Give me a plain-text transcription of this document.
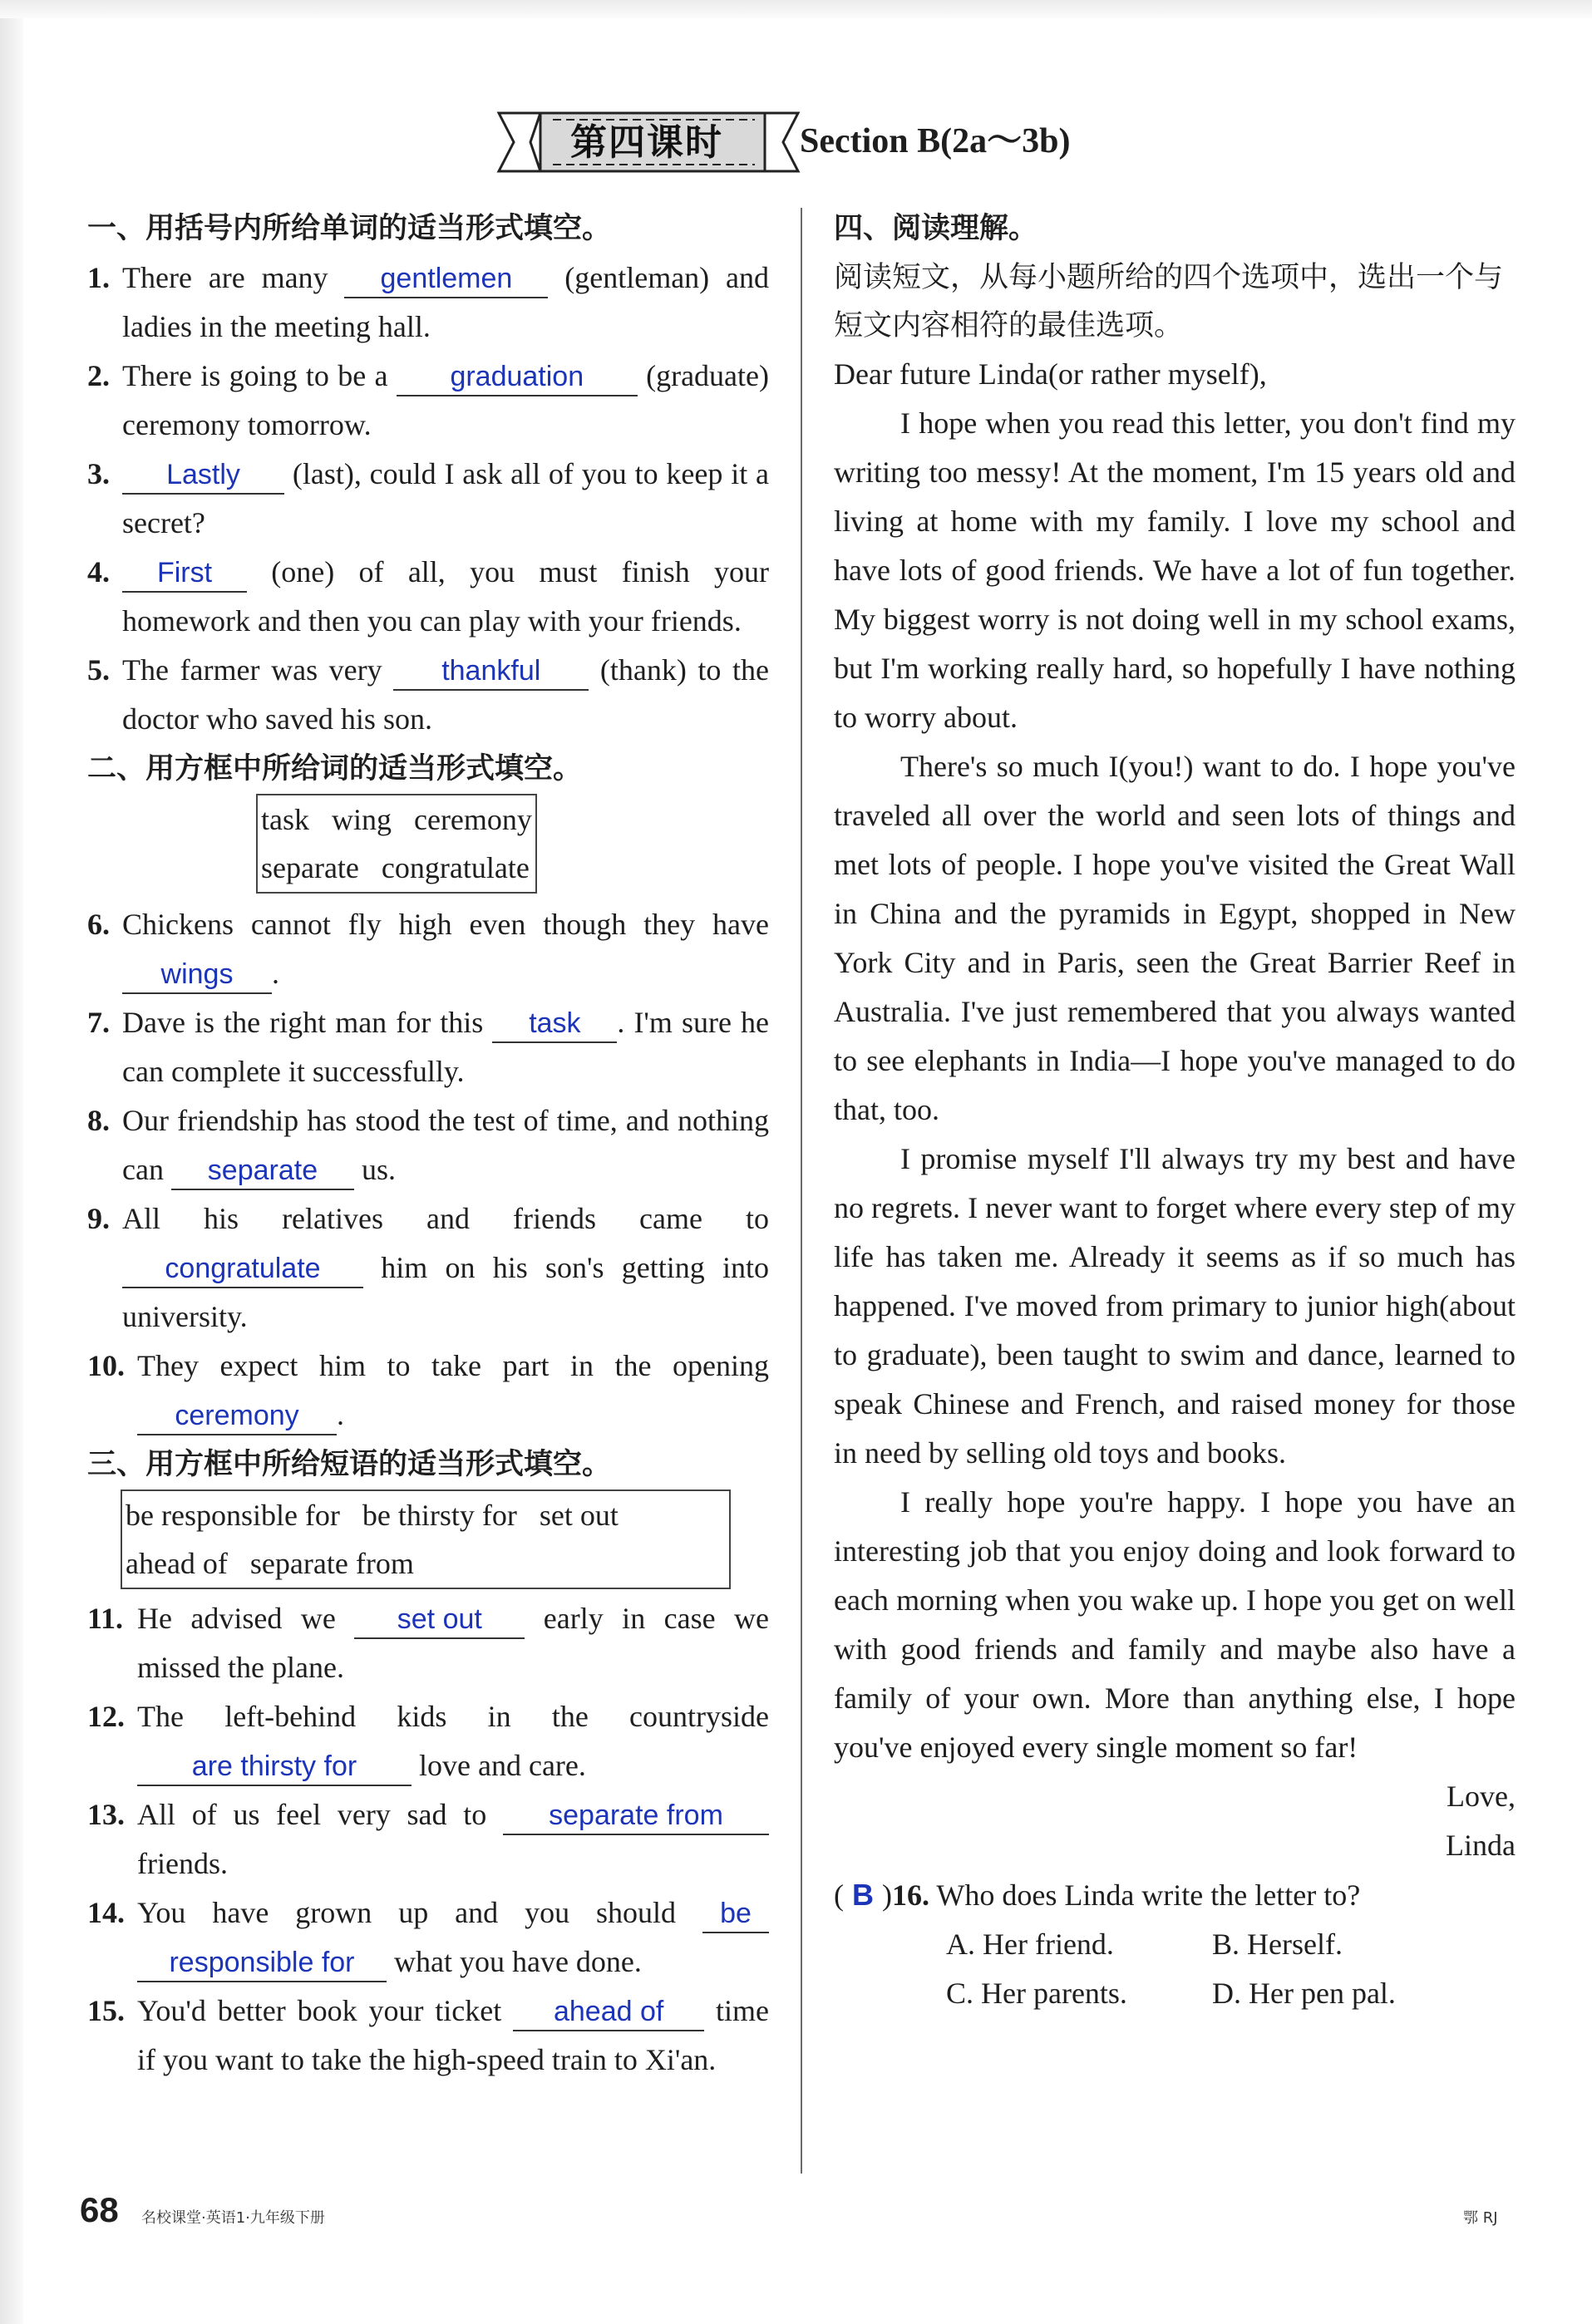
第四课时	Section B(2a～3b)
一、用括号内所给单词的适当形式填空。
1. There are many gentlemen (gentleman) and ladies in the meeting hall.
2. There is going to be a graduation (graduate) ceremony tomorrow.
3.	Lastly (last), could I ask all of you to keep it a secret?
4.	First (one) of all, you must finish your homework and then you can play with your friends.
5. The farmer was very thankful (thank) to the doctor who saved his son.
二、用方框中所给词的适当形式填空。
task   wing   ceremony
separate   congratulate
6. Chickens cannot fly high even though they have wings .
7. Dave is the right man for this task . I'm sure he can complete it successfully.
8. Our friendship has stood the test of time, and nothing can separate us.
9. All his relatives and friends came to congratulate him on his son's getting into university.
10. They expect him to take part in the opening ceremony .
三、用方框中所给短语的适当形式填空。
be responsible for   be thirsty for   set out
ahead of   separate from
11. He advised we set out early in case we missed the plane.
12. The left-behind kids in the countryside are thirsty for love and care.
13. All of us feel very sad to separate from friends.
14. You have grown up and you should be responsible for what you have done.
15. You'd better book your ticket ahead of time if you want to take the high-speed train to Xi'an.
四、阅读理解。
阅读短文，从每小题所给的四个选项中，选出一个与短文内容相符的最佳选项。
Dear future Linda(or rather myself),
I hope when you read this letter, you don't find my writing too messy! At the moment, I'm 15 years old and living at home with my family. I love my school and have lots of good friends. We have a lot of fun together. My biggest worry is not doing well in my school exams, but I'm working really hard, so hopefully I have nothing to worry about.
There's so much I(you!) want to do. I hope you've traveled all over the world and seen lots of things and met lots of people. I hope you've visited the Great Wall in China and the pyramids in Egypt, shopped in New York City and in Paris, seen the Great Barrier Reef in Australia. I've just remembered that you always wanted to see elephants in India—I hope you've managed to do that, too.
I promise myself I'll always try my best and have no regrets. I never want to forget where every step of my life has taken me. Already it seems as if so much has happened. I've moved from primary to junior high(about to graduate), been taught to swim and dance, learned to speak Chinese and French, and raised money for those in need by selling old toys and books.
I really hope you're happy. I hope you have an interesting job that you enjoy doing and look forward to each morning when you wake up. I hope you get on well with good friends and family and maybe also have a family of your own. More than anything else, I hope you've enjoyed every single moment so far!
Love,
Linda
( B )16. Who does Linda write the letter to?
A. Her friend.	B. Herself.
C. Her parents.	D. Her pen pal.
68 名校课堂·英语1·九年级下册	鄂 RJ
